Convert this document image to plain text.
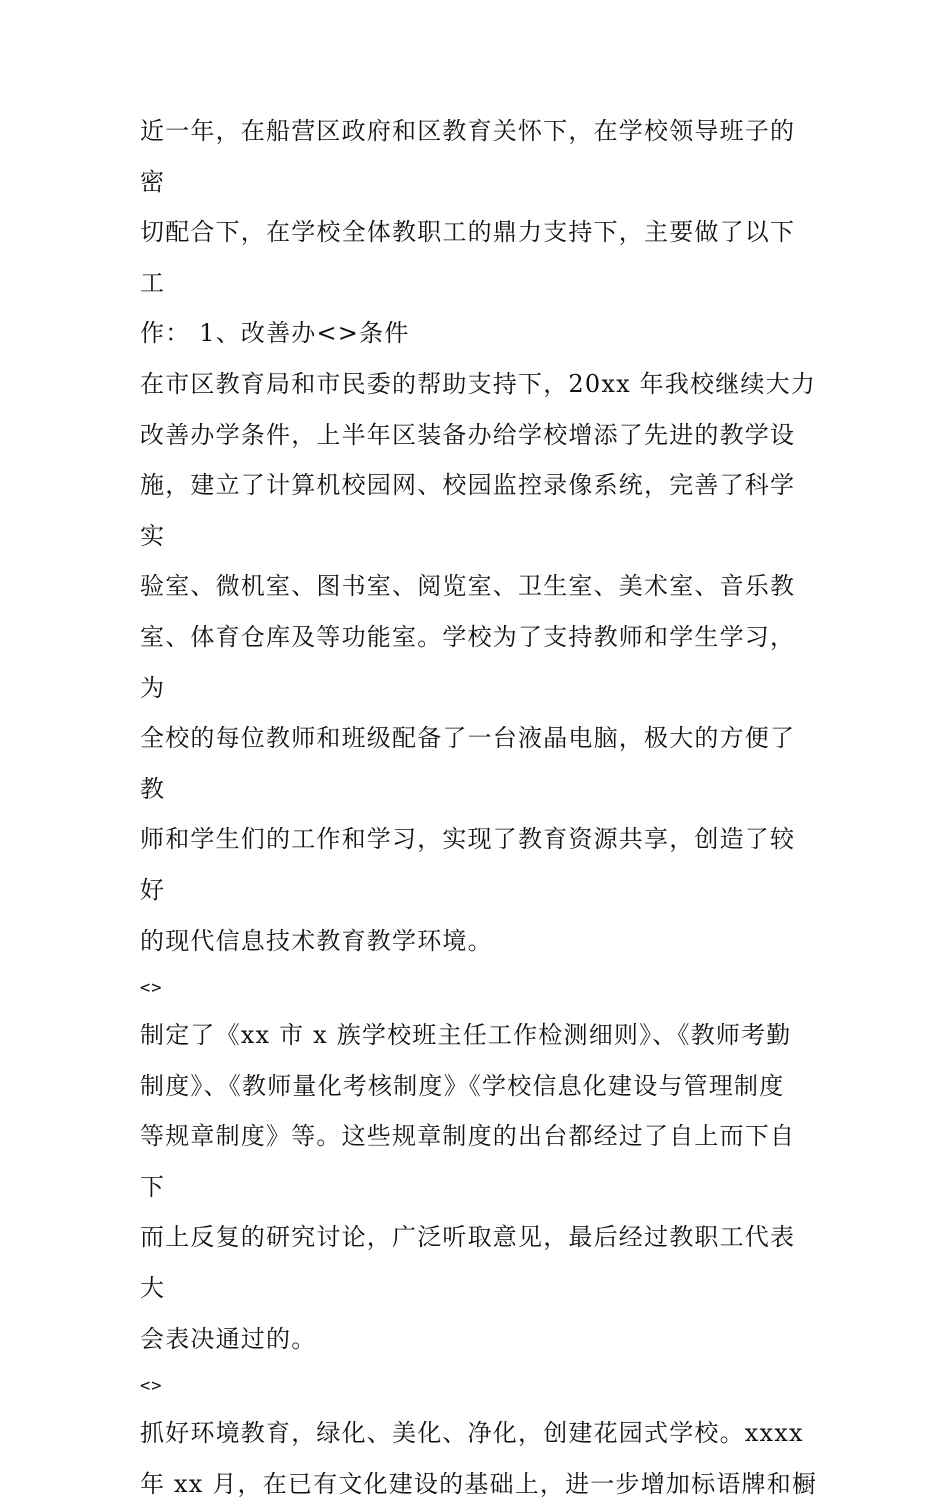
近一年，在船营区政府和区教育关怀下，在学校领导班子的密
切配合下，在学校全体教职工的鼎力支持下，主要做了以下工
作： 1、改善办<>条件
在市区教育局和市民委的帮助支持下，20xx 年我校继续大力
改善办学条件，上半年区装备办给学校增添了先进的教学设
施，建立了计算机校园网、校园监控录像系统，完善了科学实
验室、微机室、图书室、阅览室、卫生室、美术室、音乐教
室、体育仓库及等功能室。学校为了支持教师和学生学习，为
全校的每位教师和班级配备了一台液晶电脑，极大的方便了教
师和学生们的工作和学习，实现了教育资源共享，创造了较好
的现代信息技术教育教学环境。
<>
制定了《xx 市 x 族学校班主任工作检测细则》、《教师考勤
制度》、《教师量化考核制度》《学校信息化建设与管理制度
等规章制度》等。这些规章制度的出台都经过了自上而下自下
而上反复的研究讨论，广泛听取意见，最后经过教职工代表大
会表决通过的。
<>
抓好环境教育，绿化、美化、净化，创建花园式学校。xxxx
年 xx 月，在已有文化建设的基础上，进一步增加标语牌和橱
